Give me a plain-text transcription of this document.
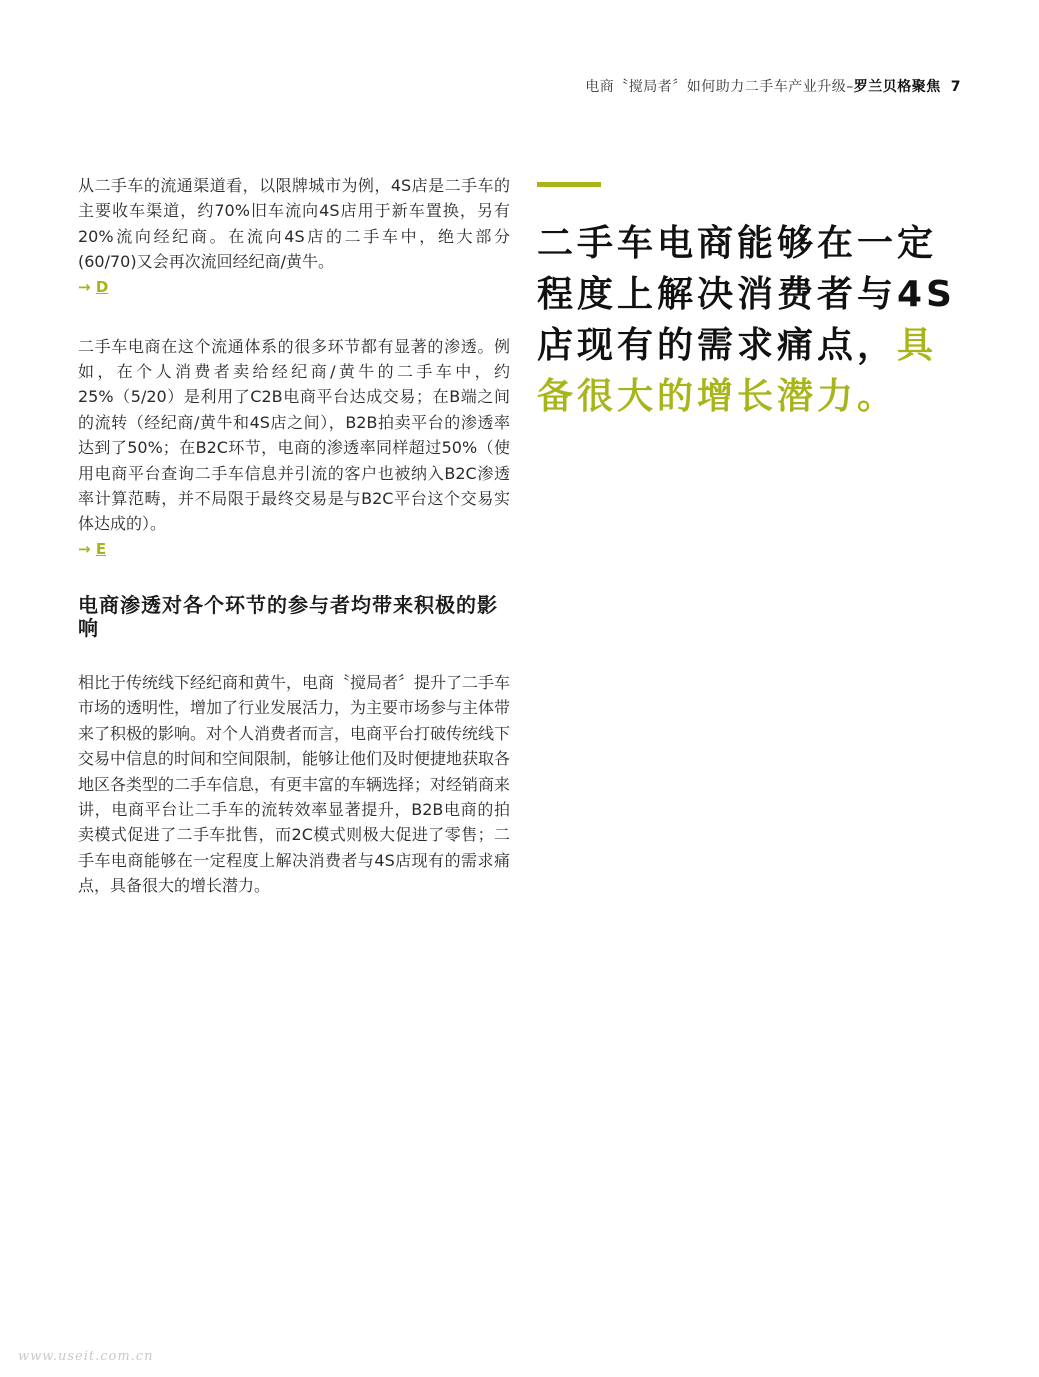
电商〝搅局者〞如何助力二手车产业升级–罗兰贝格聚焦 7

从二手车的流通渠道看，以限牌城市为例，4S店是二手车的主要收车渠道，约70%旧车流向4S店用于新车置换，另有20%流向经纪商。在流向4S店的二手车中，绝大部分(60/70)又会再次流回经纪商/黄牛。

→ D

二手车电商在这个流通体系的很多环节都有显著的渗透。例如，在个人消费者卖给经纪商/黄牛的二手车中，约25%（5/20）是利用了C2B电商平台达成交易；在B端之间的流转（经纪商/黄牛和4S店之间），B2B拍卖平台的渗透率达到了50%；在B2C环节，电商的渗透率同样超过50%（使用电商平台查询二手车信息并引流的客户也被纳入B2C渗透率计算范畴，并不局限于最终交易是与B2C平台这个交易实体达成的）。

→ E
电商渗透对各个环节的参与者均带来积极的影响

相比于传统线下经纪商和黄牛，电商〝搅局者〞提升了二手车市场的透明性，增加了行业发展活力，为主要市场参与主体带来了积极的影响。对个人消费者而言，电商平台打破传统线下交易中信息的时间和空间限制，能够让他们及时便捷地获取各地区各类型的二手车信息，有更丰富的车辆选择；对经销商来讲，电商平台让二手车的流转效率显著提升，B2B电商的拍卖模式促进了二手车批售，而2C模式则极大促进了零售；二手车电商能够在一定程度上解决消费者与4S店现有的需求痛点，具备很大的增长潜力。

二手车电商能够在一定程度上解决消费者与4S店现有的需求痛点，具备很大的增长潜力。
www.useit.com.cn
